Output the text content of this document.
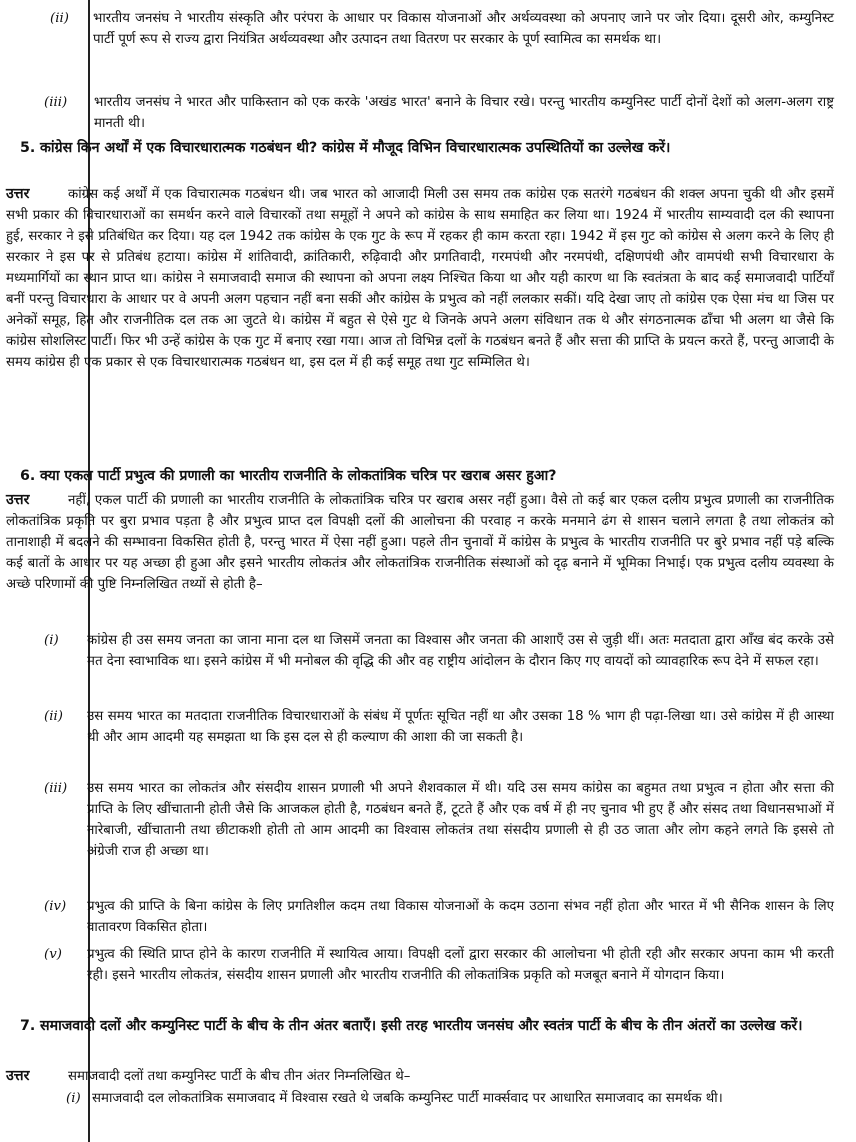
(ii) भारतीय जनसंघ ने भारतीय संस्कृति और परंपरा के आधार पर विकास योजनाओं और अर्थव्यवस्था को अपनाए जाने पर जोर दिया। दूसरी ओर, कम्युनिस्ट पार्टी पूर्ण रूप से राज्य द्वारा नियंत्रित अर्थव्यवस्था और उत्पादन तथा वितरण पर सरकार के पूर्ण स्वामित्व का समर्थक था।
(iii) भारतीय जनसंघ ने भारत और पाकिस्तान को एक करके 'अखंड भारत' बनाने के विचार रखे। परन्तु भारतीय कम्युनिस्ट पार्टी दोनों देशों को अलग-अलग राष्ट्र मानती थी।
5. कांग्रेस किन अर्थों में एक विचारधारात्मक गठबंधन थी? कांग्रेस में मौजूद विभिन विचारधारात्मक उपस्थितियों का उल्लेख करें।
उत्तर	कांग्रेस कई अर्थों में एक विचारात्मक गठबंधन थी। जब भारत को आजादी मिली उस समय तक कांग्रेस एक सतरंगे गठबंधन की शक्ल अपना चुकी थी और इसमें सभी प्रकार की विचारधाराओं का समर्थन करने वाले विचारकों तथा समूहों ने अपने को कांग्रेस के साथ समाहित कर लिया था। 1924 में भारतीय साम्यवादी दल की स्थापना हुई, सरकार ने इसे प्रतिबंधित कर दिया। यह दल 1942 तक कांग्रेस के एक गुट के रूप में रहकर ही काम करता रहा। 1942 में इस गुट को कांग्रेस से अलग करने के लिए ही सरकार ने इस पर से प्रतिबंध हटाया। कांग्रेस में शांतिवादी, क्रांतिकारी, रुढ़िवादी और प्रगतिवादी, गरमपंथी और नरमपंथी, दक्षिणपंथी और वामपंथी सभी विचारधारा के मध्यमार्गियों का स्थान प्राप्त था। कांग्रेस ने समाजवादी समाज की स्थापना को अपना लक्ष्य निश्चित किया था और यही कारण था कि स्वतंत्रता के बाद कई समाजवादी पार्टियाँ बनीं परन्तु विचारधारा के आधार पर वे अपनी अलग पहचान नहीं बना सकीं और कांग्रेस के प्रभुत्व को नहीं ललकार सकीं। यदि देखा जाए तो कांग्रेस एक ऐसा मंच था जिस पर अनेकों समूह, हित और राजनीतिक दल तक आ जुटते थे। कांग्रेस में बहुत से ऐसे गुट थे जिनके अपने अलग संविधान तक थे और संगठनात्मक ढाँचा भी अलग था जैसे कि कांग्रेस सोशलिस्ट पार्टी। फिर भी उन्हें कांग्रेस के एक गुट में बनाए रखा गया। आज तो विभिन्न दलों के गठबंधन बनते हैं और सत्ता की प्राप्ति के प्रयत्न करते हैं, परन्तु आजादी के समय कांग्रेस ही एक प्रकार से एक विचारधारात्मक गठबंधन था, इस दल में ही कई समूह तथा गुट सम्मिलित थे।
6. क्या एकल पार्टी प्रभुत्व की प्रणाली का भारतीय राजनीति के लोकतांत्रिक चरित्र पर खराब असर हुआ?
उत्तर	नहीं, एकल पार्टी की प्रणाली का भारतीय राजनीति के लोकतांत्रिक चरित्र पर खराब असर नहीं हुआ। वैसे तो कई बार एकल दलीय प्रभुत्व प्रणाली का राजनीतिक लोकतांत्रिक प्रकृति पर बुरा प्रभाव पड़ता है और प्रभुत्व प्राप्त दल विपक्षी दलों की आलोचना की परवाह न करके मनमाने ढंग से शासन चलाने लगता है तथा लोकतंत्र को तानाशाही में बदलने की सम्भावना विकसित होती है, परन्तु भारत में ऐसा नहीं हुआ। पहले तीन चुनावों में कांग्रेस के प्रभुत्व के भारतीय राजनीति पर बुरे प्रभाव नहीं पड़े बल्कि कई बातों के आधार पर यह अच्छा ही हुआ और इसने भारतीय लोकतंत्र और लोकतांत्रिक राजनीतिक संस्थाओं को दृढ़ बनाने में भूमिका निभाई। एक प्रभुत्व दलीय व्यवस्था के अच्छे परिणामों की पुष्टि निम्नलिखित तथ्यों से होती है–
(i) कांग्रेस ही उस समय जनता का जाना माना दल था जिसमें जनता का विश्वास और जनता की आशाएँ उस से जुड़ी थीं। अतः मतदाता द्वारा आँख बंद करके उसे मत देना स्वाभाविक था। इसने कांग्रेस में भी मनोबल की वृद्धि की और वह राष्ट्रीय आंदोलन के दौरान किए गए वायदों को व्यावहारिक रूप देने में सफल रहा।
(ii) उस समय भारत का मतदाता राजनीतिक विचारधाराओं के संबंध में पूर्णतः सूचित नहीं था और उसका 18 % भाग ही पढ़ा-लिखा था। उसे कांग्रेस में ही आस्था थी और आम आदमी यह समझता था कि इस दल से ही कल्याण की आशा की जा सकती है।
(iii) उस समय भारत का लोकतंत्र और संसदीय शासन प्रणाली भी अपने शैशवकाल में थी। यदि उस समय कांग्रेस का बहुमत तथा प्रभुत्व न होता और सत्ता की प्राप्ति के लिए खींचातानी होती जैसे कि आजकल होती है, गठबंधन बनते हैं, टूटते हैं और एक वर्ष में ही नए चुनाव भी हुए हैं और संसद तथा विधानसभाओं में नारेबाजी, खींचातानी तथा छीटाकशी होती तो आम आदमी का विश्वास लोकतंत्र तथा संसदीय प्रणाली से ही उठ जाता और लोग कहने लगते कि इससे तो अंग्रेजी राज ही अच्छा था।
(iv) प्रभुत्व की प्राप्ति के बिना कांग्रेस के लिए प्रगतिशील कदम तथा विकास योजनाओं के कदम उठाना संभव नहीं होता और भारत में भी सैनिक शासन के लिए वातावरण विकसित होता।
(v) प्रभुत्व की स्थिति प्राप्त होने के कारण राजनीति में स्थायित्व आया। विपक्षी दलों द्वारा सरकार की आलोचना भी होती रही और सरकार अपना काम भी करती रही। इसने भारतीय लोकतंत्र, संसदीय शासन प्रणाली और भारतीय राजनीति की लोकतांत्रिक प्रकृति को मजबूत बनाने में योगदान किया।
7. समाजवादी दलों और कम्युनिस्ट पार्टी के बीच के तीन अंतर बताएँ। इसी तरह भारतीय जनसंघ और स्वतंत्र पार्टी के बीच के तीन अंतरों का उल्लेख करें।
उत्तर	समाजवादी दलों तथा कम्युनिस्ट पार्टी के बीच तीन अंतर निम्नलिखित थे–
(i) समाजवादी दल लोकतांत्रिक समाजवाद में विश्वास रखते थे जबकि कम्युनिस्ट पार्टी मार्क्सवाद पर आधारित समाजवाद का समर्थक थी।
